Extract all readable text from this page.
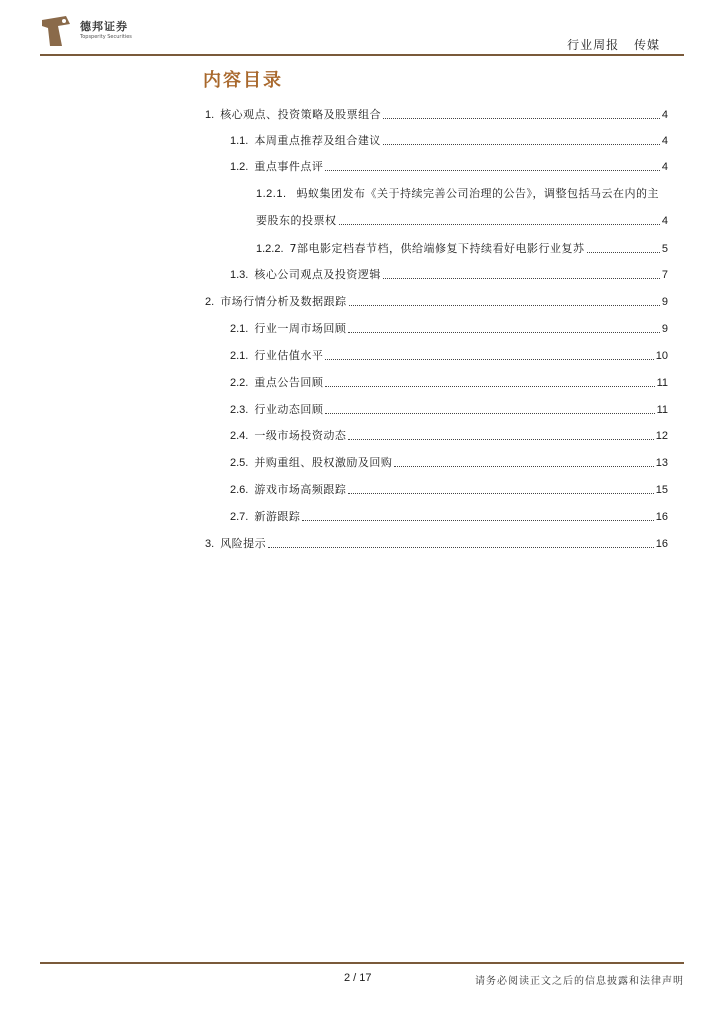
德邦证券
Topsperity Securities
行业周报 传媒
内容目录
1. 核心观点、投资策略及股票组合	4
1.1. 本周重点推荐及组合建议	4
1.2. 重点事件点评	4
1.2.1. 蚂蚁集团发布《关于持续完善公司治理的公告》，调整包括马云在内的主
要股东的投票权	4
1.2.2. 7部电影定档春节档，供给端修复下持续看好电影行业复苏	5
1.3. 核心公司观点及投资逻辑	7
2. 市场行情分析及数据跟踪	9
2.1. 行业一周市场回顾	9
2.1. 行业估值水平	10
2.2. 重点公告回顾	11
2.3. 行业动态回顾	11
2.4. 一级市场投资动态	12
2.5. 并购重组、股权激励及回购	13
2.6. 游戏市场高频跟踪	15
2.7. 新游跟踪	16
3. 风险提示	16
2 / 17	请务必阅读正文之后的信息披露和法律声明
